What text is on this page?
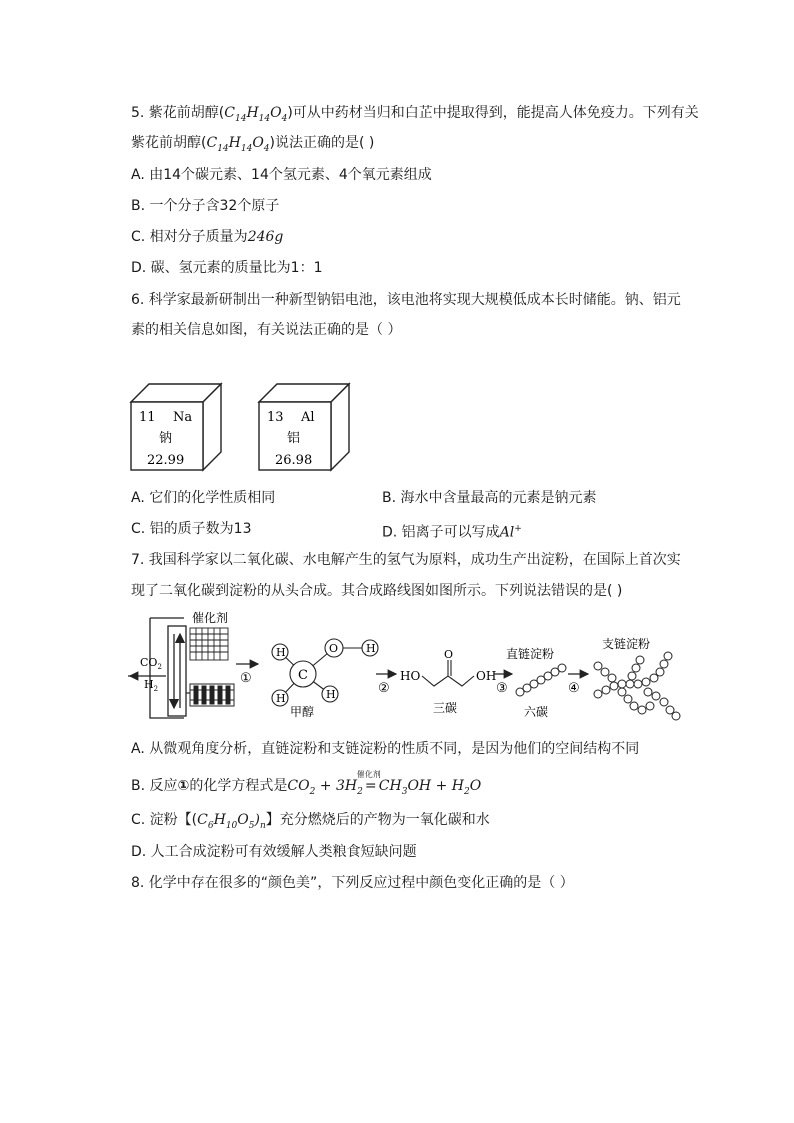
5. 紫花前胡醇$(C_{14}H_{14}O_4)$可从中药材当归和白芷中提取得到，能提高人体免疫力。下列有关
紫花前胡醇$(C_{14}H_{14}O_4)$说法正确的是( )
A. 由14个碳元素、14个氢元素、4个氧元素组成
B. 一个分子含32个原子
C. 相对分子质量为246g
D. 碳、氢元素的质量比为1：1
6. 科学家最新研制出一种新型钠铝电池，该电池将实现大规模低成本长时储能。钠、铝元
素的相关信息如图，有关说法正确的是（ ）
11 Na
钠
22.99
13 Al
铝
26.98
A. 它们的化学性质相同	B. 海水中含量最高的元素是钠元素
C. 铝的质子数为13	D. 铝离子可以写成Al+
7. 我国科学家以二氧化碳、水电解产生的氢气为原料，成功生产出淀粉，在国际上首次实
现了二氧化碳到淀粉的从头合成。其合成路线图如图所示。下列说法错误的是( )
$CO_2$
$H_2$
催化剂
①
H
H
C
O	H
H
甲醇
②
HO
O
OH
三碳
③
直链淀粉
六碳
④
支链淀粉
A. 从微观角度分析，直链淀粉和支链淀粉的性质不同，是因为他们的空间结构不同
B. 反应①的化学方程式是$CO_2 + 3H_2$
催化剂
= $CH_3OH + H_2O$
C. 淀粉【$(C_6H_{10}O_5)_n$】充分燃烧后的产物为一氧化碳和水
D. 人工合成淀粉可有效缓解人类粮食短缺问题
8. 化学中存在很多的“颜色美”，下列反应过程中颜色变化正确的是（ ）
